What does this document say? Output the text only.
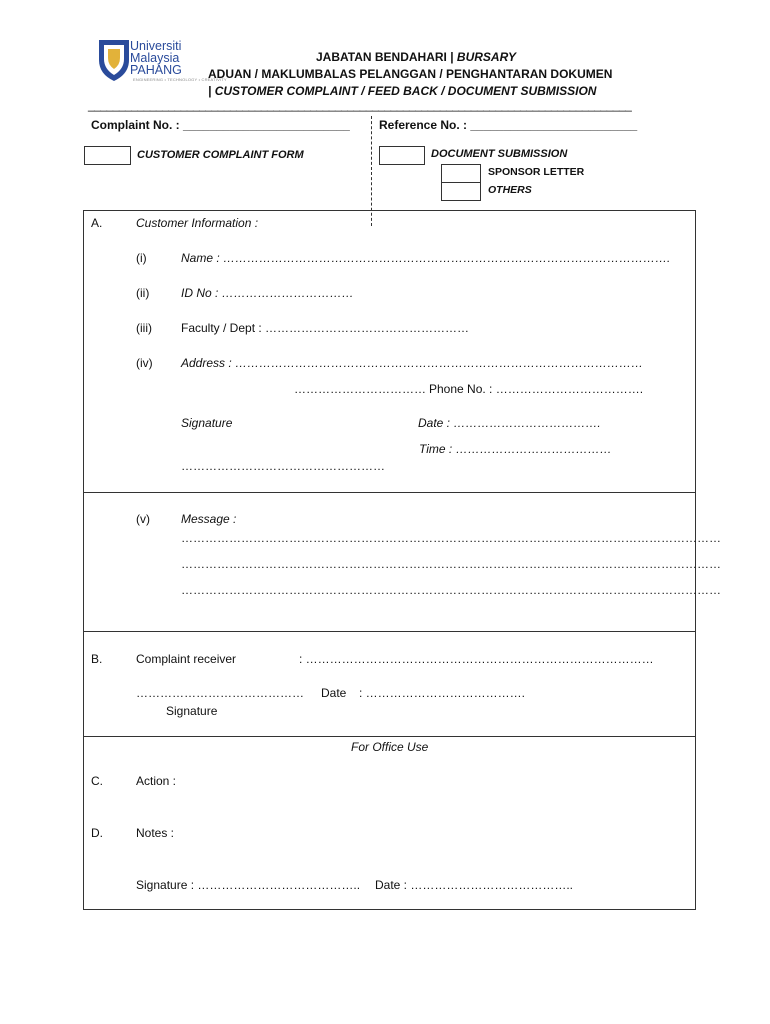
Universiti
Malaysia
PAHANG
ENGINEERING • TECHNOLOGY • CREATIVITY
JABATAN BENDAHARI | BURSARY
ADUAN / MAKLUMBALAS PELANGGAN / PENGHANTARAN DOKUMEN
| CUSTOMER COMPLAINT / FEED BACK / DOCUMENT SUBMISSION
________________________________________________________________________________________
Complaint No. : _________________________ Reference No. : _________________________
CUSTOMER COMPLAINT FORM	DOCUMENT SUBMISSION
SPONSOR LETTER
OTHERS
A.	Customer Information :
(i)	Name : ………………………………………………………………………………………………….
(ii)	ID No : ……………………………
(iii) Faculty / Dept : ……………………………………………
(iv) Address : …………………………………………………………………………………………
…………………………… Phone No. : ……………………………….
Signature	Date : ……………………………….
Time : …………………………………
……………………………………………
(v)	Message :
………………………………………………………………………………………………………………………
………………………………………………………………………………………………………………………
………………………………………………………………………………………………………………………
B.	Complaint receiver	: ……………………………………………………………………………
…………………………………… Date : ………………………………….
Signature
For Office Use
C.	Action :
D.	Notes :
Signature : ………………………………….. Date : …………………………………..
